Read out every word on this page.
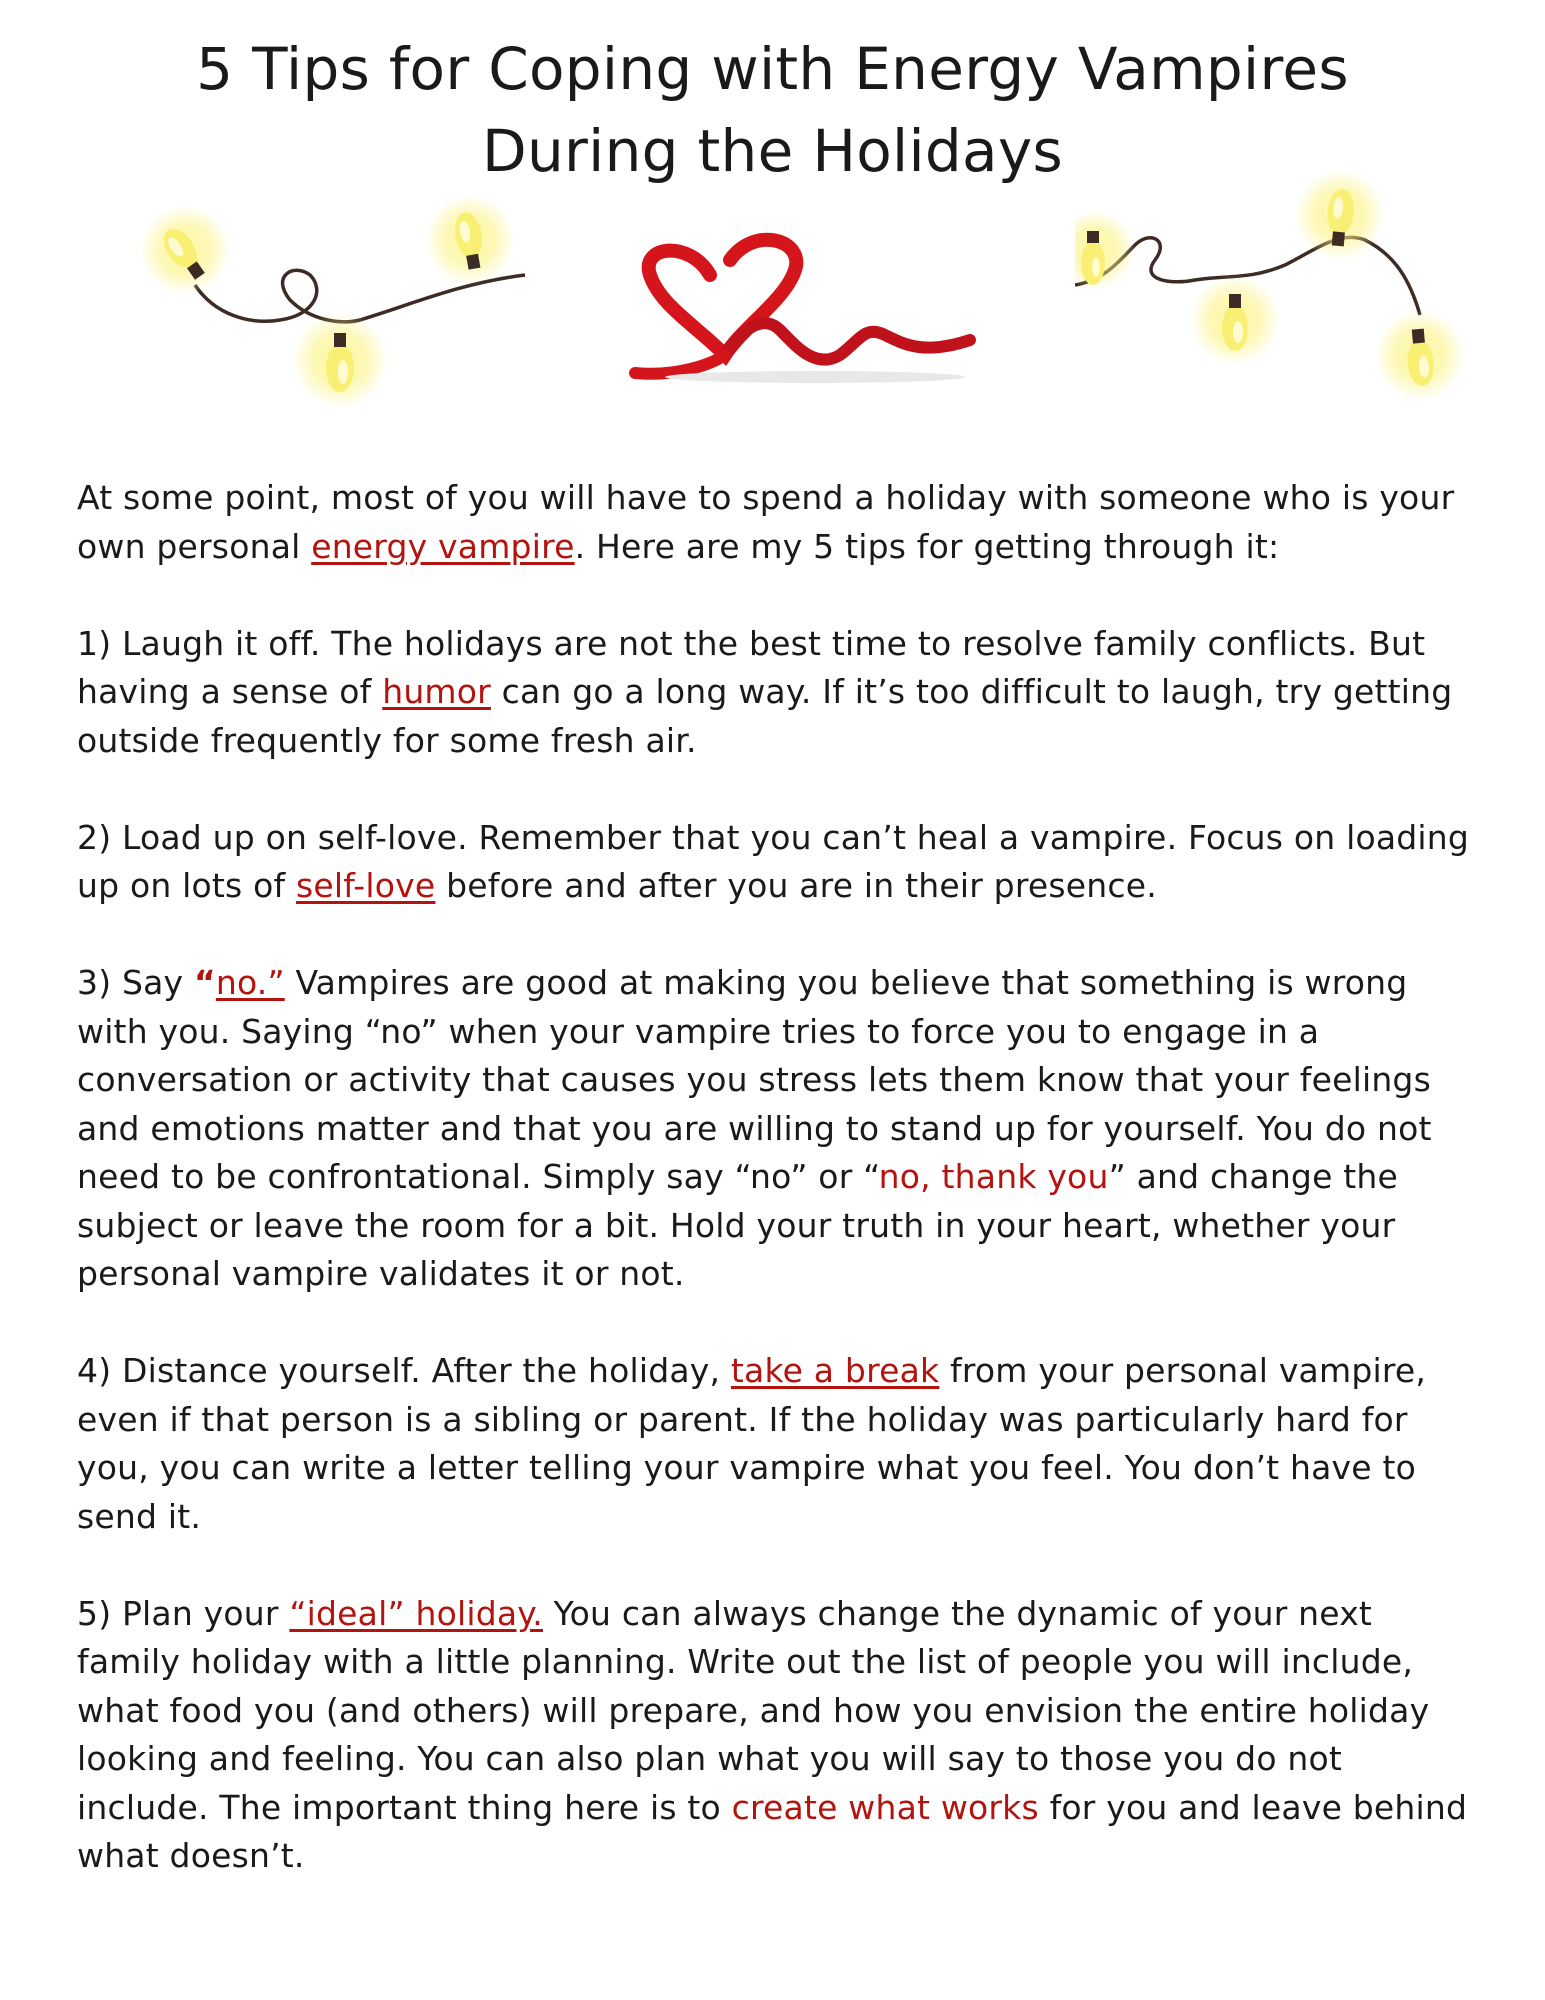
5 Tips for Coping with Energy Vampires
During the Holidays

At some point, most of you will have to spend a holiday with someone who is your own personal energy vampire. Here are my 5 tips for getting through it:

1) Laugh it off. The holidays are not the best time to resolve family conflicts. But having a sense of humor can go a long way. If it’s too difficult to laugh, try getting outside frequently for some fresh air.

2) Load up on self-love. Remember that you can’t heal a vampire. Focus on loading up on lots of self-love before and after you are in their presence.

3) Say “no.” Vampires are good at making you believe that something is wrong with you. Saying “no” when your vampire tries to force you to engage in a conversation or activity that causes you stress lets them know that your feelings and emotions matter and that you are willing to stand up for yourself. You do not need to be confrontational. Simply say “no” or “no, thank you” and change the subject or leave the room for a bit. Hold your truth in your heart, whether your personal vampire validates it or not.

4) Distance yourself. After the holiday, take a break from your personal vampire, even if that person is a sibling or parent. If the holiday was particularly hard for you, you can write a letter telling your vampire what you feel. You don’t have to send it.

5) Plan your “ideal” holiday. You can always change the dynamic of your next family holiday with a little planning. Write out the list of people you will include, what food you (and others) will prepare, and how you envision the entire holiday looking and feeling. You can also plan what you will say to those you do not include. The important thing here is to create what works for you and leave behind what doesn’t.
